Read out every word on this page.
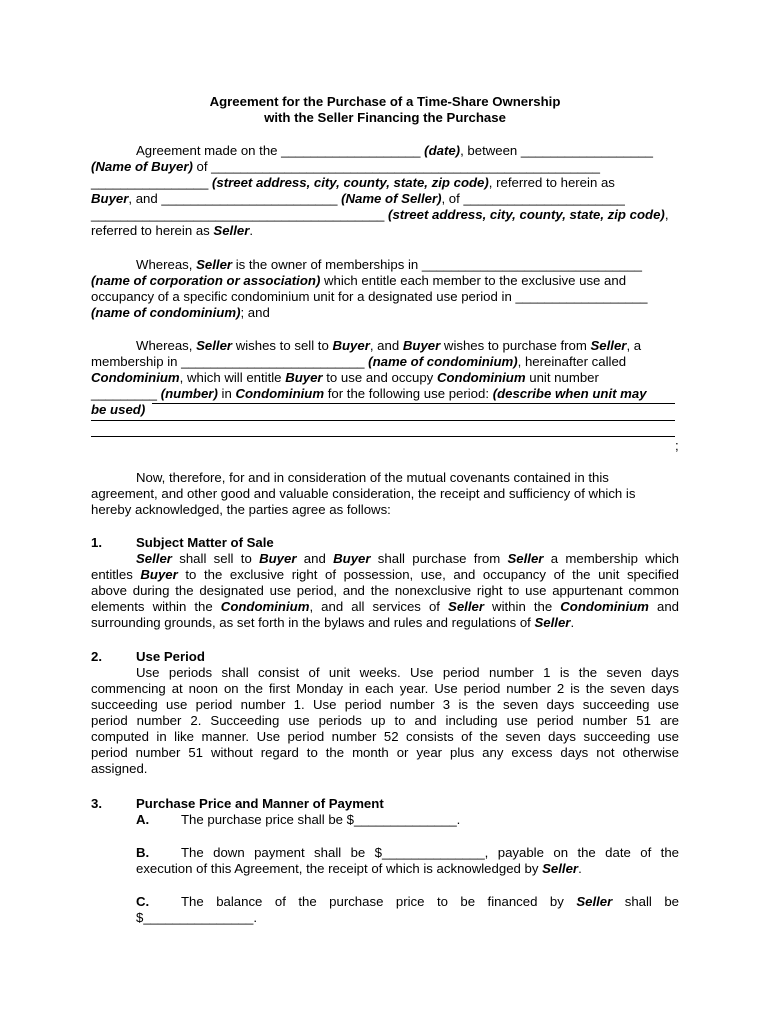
Agreement for the Purchase of a Time-Share Ownership
with the Seller Financing the Purchase
Agreement made on the ___________________ (date), between __________________
(Name of Buyer) of _____________________________________________________
________________ (street address, city, county, state, zip code), referred to herein as
Buyer, and ________________________ (Name of Seller), of ______________________
________________________________________ (street address, city, county, state, zip code),
referred to herein as Seller.
Whereas, Seller is the owner of memberships in ______________________________
(name of corporation or association) which entitle each member to the exclusive use and
occupancy of a specific condominium unit for a designated use period in __________________
(name of condominium); and
Whereas, Seller wishes to sell to Buyer, and Buyer wishes to purchase from Seller, a
membership in _________________________ (name of condominium), hereinafter called
Condominium, which will entitle Buyer to use and occupy Condominium unit number
_________ (number) in Condominium for the following use period: (describe when unit may
be used)
;
Now, therefore, for and in consideration of the mutual covenants contained in this
agreement, and other good and valuable consideration, the receipt and sufficiency of which is
hereby acknowledged, the parties agree as follows:
1.	Subject Matter of Sale
Seller shall sell to Buyer and Buyer shall purchase from Seller a membership which
entitles Buyer to the exclusive right of possession, use, and occupancy of the unit specified
above during the designated use period, and the nonexclusive right to use appurtenant common
elements within the Condominium, and all services of Seller within the Condominium and
surrounding grounds, as set forth in the bylaws and rules and regulations of Seller.
2.	Use Period
Use periods shall consist of unit weeks. Use period number 1 is the seven days
commencing at noon on the first Monday in each year. Use period number 2 is the seven days
succeeding use period number 1. Use period number 3 is the seven days succeeding use
period number 2. Succeeding use periods up to and including use period number 51 are
computed in like manner. Use period number 52 consists of the seven days succeeding use
period number 51 without regard to the month or year plus any excess days not otherwise
assigned.
3.	Purchase Price and Manner of Payment
A.	The purchase price shall be $______________.
B.	The down payment shall be $______________, payable on the date of the
execution of this Agreement, the receipt of which is acknowledged by Seller.
C.	The balance of the purchase price to be financed by Seller shall be
$_______________.
